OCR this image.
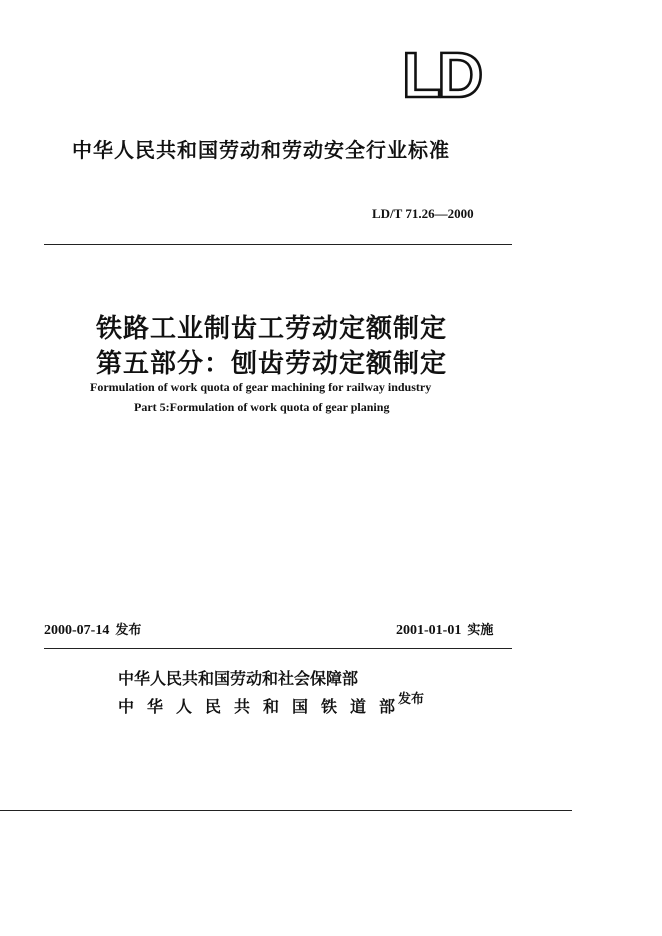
LD
中华人民共和国劳动和劳动安全行业标准
LD/T 71.26—2000
铁路工业制齿工劳动定额制定
第五部分：刨齿劳动定额制定
Formulation of work quota of gear machining for railway industry
Part 5:Formulation of work quota of gear planing
2000-07-14 发布	2001-01-01 实施
中华人民共和国劳动和社会保障部
中华人民共和国铁道部
发布
